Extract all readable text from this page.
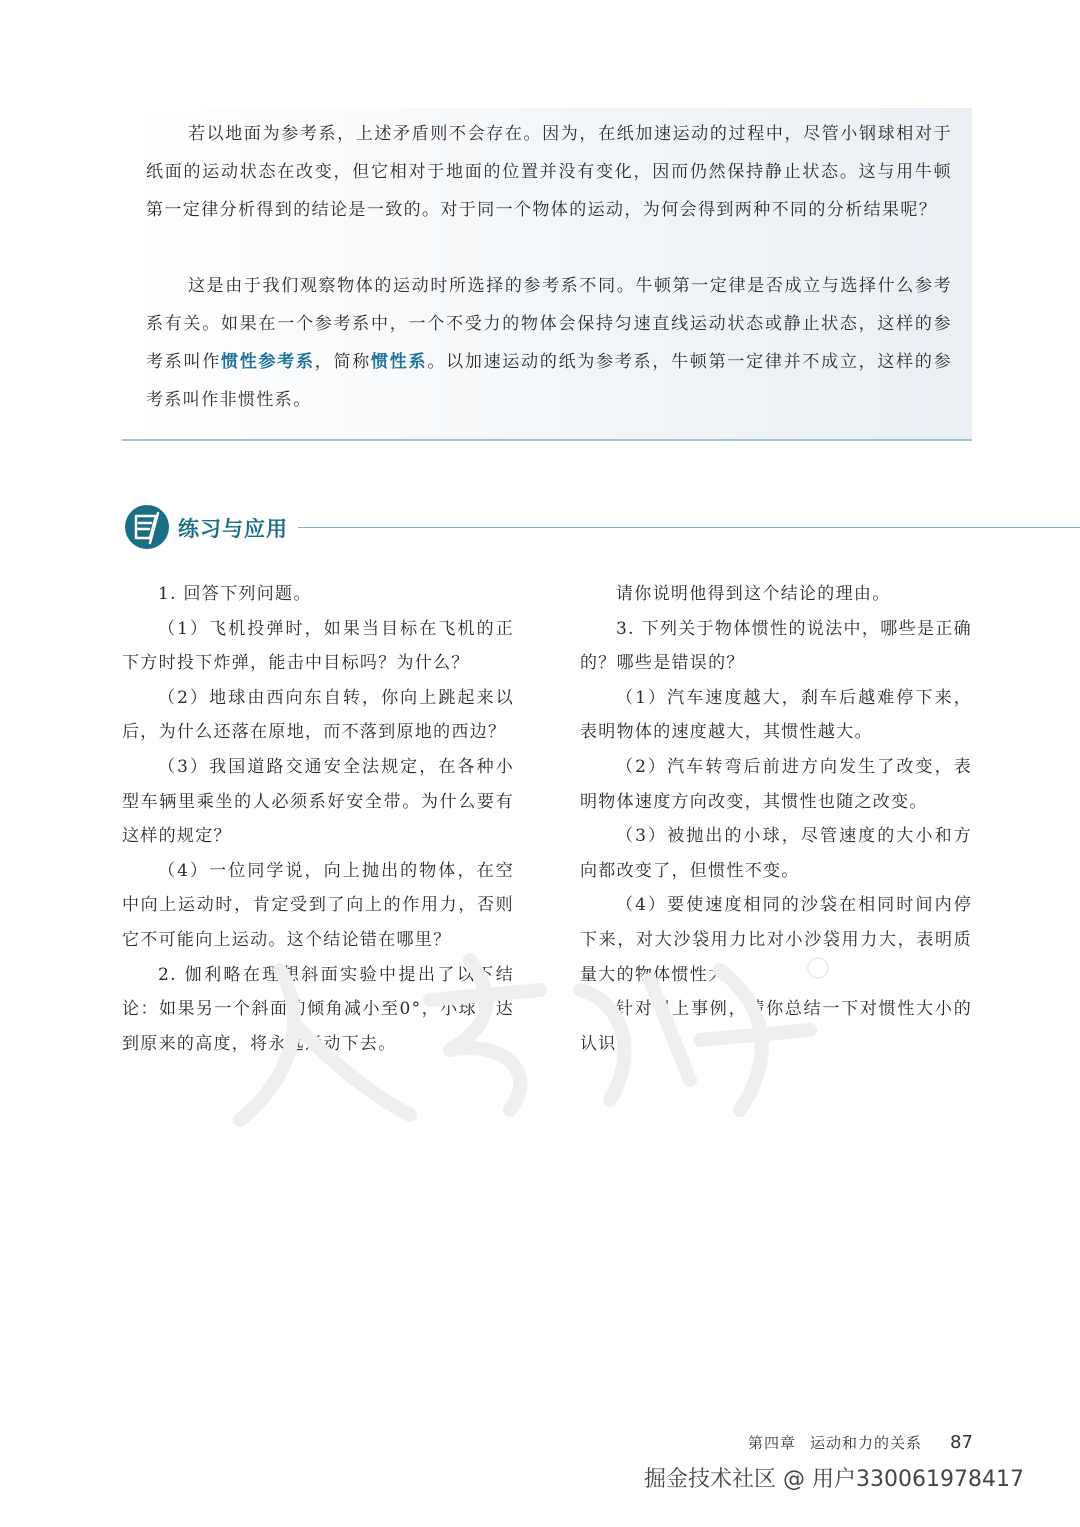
若以地面为参考系，上述矛盾则不会存在。因为，在纸加速运动的过程中，尽管小钢球相对于纸面的运动状态在改变，但它相对于地面的位置并没有变化，因而仍然保持静止状态。这与用牛顿第一定律分析得到的结论是一致的。对于同一个物体的运动，为何会得到两种不同的分析结果呢？

这是由于我们观察物体的运动时所选择的参考系不同。牛顿第一定律是否成立与选择什么参考系有关。如果在一个参考系中，一个不受力的物体会保持匀速直线运动状态或静止状态，这样的参考系叫作惯性参考系，简称惯性系。以加速运动的纸为参考系，牛顿第一定律并不成立，这样的参考系叫作非惯性系。

练习与应用

1. 回答下列问题。

（1）飞机投弹时，如果当目标在飞机的正下方时投下炸弹，能击中目标吗？为什么？

（2）地球由西向东自转，你向上跳起来以后，为什么还落在原地，而不落到原地的西边？

（3）我国道路交通安全法规定，在各种小型车辆里乘坐的人必须系好安全带。为什么要有这样的规定？

（4）一位同学说，向上抛出的物体，在空中向上运动时，肯定受到了向上的作用力，否则它不可能向上运动。这个结论错在哪里？

2. 伽利略在理想斜面实验中提出了以下结论：如果另一个斜面的倾角减小至0°，小球为达到原来的高度，将永远运动下去。

请你说明他得到这个结论的理由。

3. 下列关于物体惯性的说法中，哪些是正确的？哪些是错误的？

（1）汽车速度越大，刹车后越难停下来，表明物体的速度越大，其惯性越大。

（2）汽车转弯后前进方向发生了改变，表明物体速度方向改变，其惯性也随之改变。

（3）被抛出的小球，尽管速度的大小和方向都改变了，但惯性不变。

（4）要使速度相同的沙袋在相同时间内停下来，对大沙袋用力比对小沙袋用力大，表明质量大的物体惯性大。

针对以上事例，请你总结一下对惯性大小的认识。

第四章 运动和力的关系 87
掘金技术社区 @ 用户3300619784​17
